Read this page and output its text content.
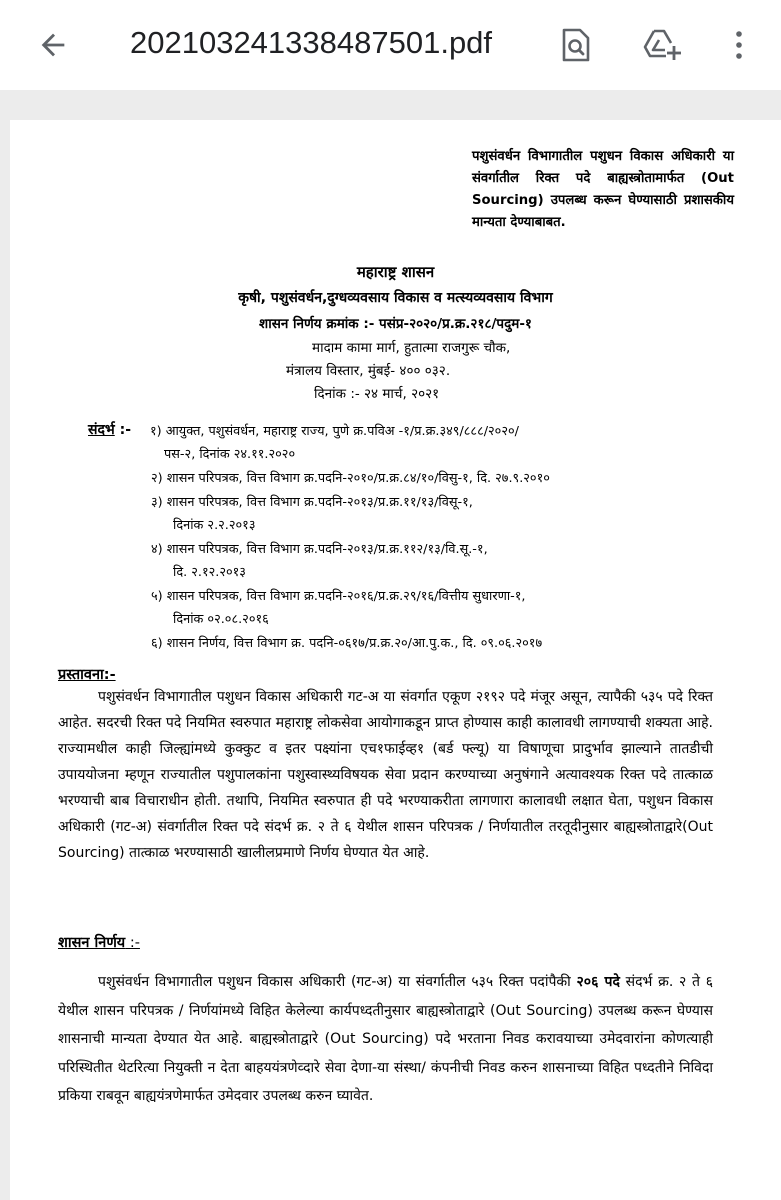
20210324133848​7501.pdf
पशुसंवर्धन विभागातील पशुधन विकास अधिकारी या संवर्गातील रिक्त पदे बाह्यस्त्रोतामार्फत (Out Sourcing) उपलब्ध करून घेण्यासाठी प्रशासकीय मान्यता देण्याबाबत.
महाराष्ट्र शासन
कृषी, पशुसंवर्धन,दुग्धव्यवसाय विकास व मत्स्यव्यवसाय विभाग
शासन निर्णय क्रमांक :- पसंप्र-२०२०/प्र.क्र.२१८/पदुम-१
मादाम कामा मार्ग, हुतात्मा राजगुरू चौक,
मंत्रालय विस्तार, मुंबई- ४०० ०३२.
दिनांक :- २४ मार्च, २०२१
संदर्भ :- १) आयुक्त, पशुसंवर्धन, महाराष्ट्र राज्य, पुणे क्र.पविअ -१/प्र.क्र.३४९/८८८/२०२०/
पस-२, दिनांक २४.११.२०२०
२) शासन परिपत्रक, वित्त विभाग क्र.पदनि-२०१०/प्र.क्र.८४/१०/विसु-१, दि. २७.९.२०१०
३) शासन परिपत्रक, वित्त विभाग क्र.पदनि-२०१३/प्र.क्र.११/१३/विसू-१,
दिनांक २.२.२०१३
४) शासन परिपत्रक, वित्त विभाग क्र.पदनि-२०१३/प्र.क्र.११२/१३/वि.सू.-१,
दि. २.१२.२०१३
५) शासन परिपत्रक, वित्त विभाग क्र.पदनि-२०१६/प्र.क्र.२९/१६/वित्तीय सुधारणा-१,
दिनांक ०२.०८.२०१६
६) शासन निर्णय, वित्त विभाग क्र. पदनि-०६१७/प्र.क्र.२०/आ.पु.क., दि. ०९.०६.२०१७
प्रस्तावना:-
पशुसंवर्धन विभागातील पशुधन विकास अधिकारी गट-अ या संवर्गात एकूण २१९२ पदे मंजूर असून, त्यापैकी ५३५ पदे रिक्त आहेत. सदरची रिक्त पदे नियमित स्वरुपात महाराष्ट्र लोकसेवा आयोगाकडून प्राप्त होण्यास काही कालावधी लागण्याची शक्यता आहे. राज्यामधील काही जिल्ह्यांमध्ये कुक्कुट व इतर पक्ष्यांना एच१फाईव्ह१ (बर्ड फ्ल्यू) या विषाणूचा प्रादुर्भाव झाल्याने तातडीची उपाययोजना म्हणून राज्यातील पशुपालकांना पशुस्वास्थ्यविषयक सेवा प्रदान करण्याच्या अनुषंगाने अत्यावश्यक रिक्त पदे तात्काळ भरण्याची बाब विचाराधीन होती. तथापि, नियमित स्वरुपात ही पदे भरण्याकरीता लागणारा कालावधी लक्षात घेता, पशुधन विकास अधिकारी (गट-अ) संवर्गातील रिक्त पदे संदर्भ क्र. २ ते ६ येथील शासन परिपत्रक / निर्णयातील तरतूदीनुसार बाह्यस्त्रोताद्वारे(Out Sourcing) तात्काळ भरण्यासाठी खालीलप्रमाणे निर्णय घेण्यात येत आहे.
शासन निर्णय :-
पशुसंवर्धन विभागातील पशुधन विकास अधिकारी (गट-अ) या संवर्गातील ५३५ रिक्त पदांपैकी २०६ पदे संदर्भ क्र. २ ते ६ येथील शासन परिपत्रक / निर्णयांमध्ये विहित केलेल्या कार्यपध्दतीनुसार बाह्यस्त्रोताद्वारे (Out Sourcing) उपलब्ध करून घेण्यास शासनाची मान्यता देण्यात येत आहे. बाह्यस्त्रोताद्वारे (Out Sourcing) पदे भरताना निवड करावयाच्या उमेदवारांना कोणत्याही परिस्थितीत थेटरित्या नियुक्ती न देता बाहययंत्रणेव्दारे सेवा देणा-या संस्था/ कंपनीची निवड करुन शासनाच्या विहित पध्दतीने निविदा प्रकिया राबवून बाह्ययंत्रणेमार्फत उमेदवार उपलब्ध करुन घ्यावेत.
